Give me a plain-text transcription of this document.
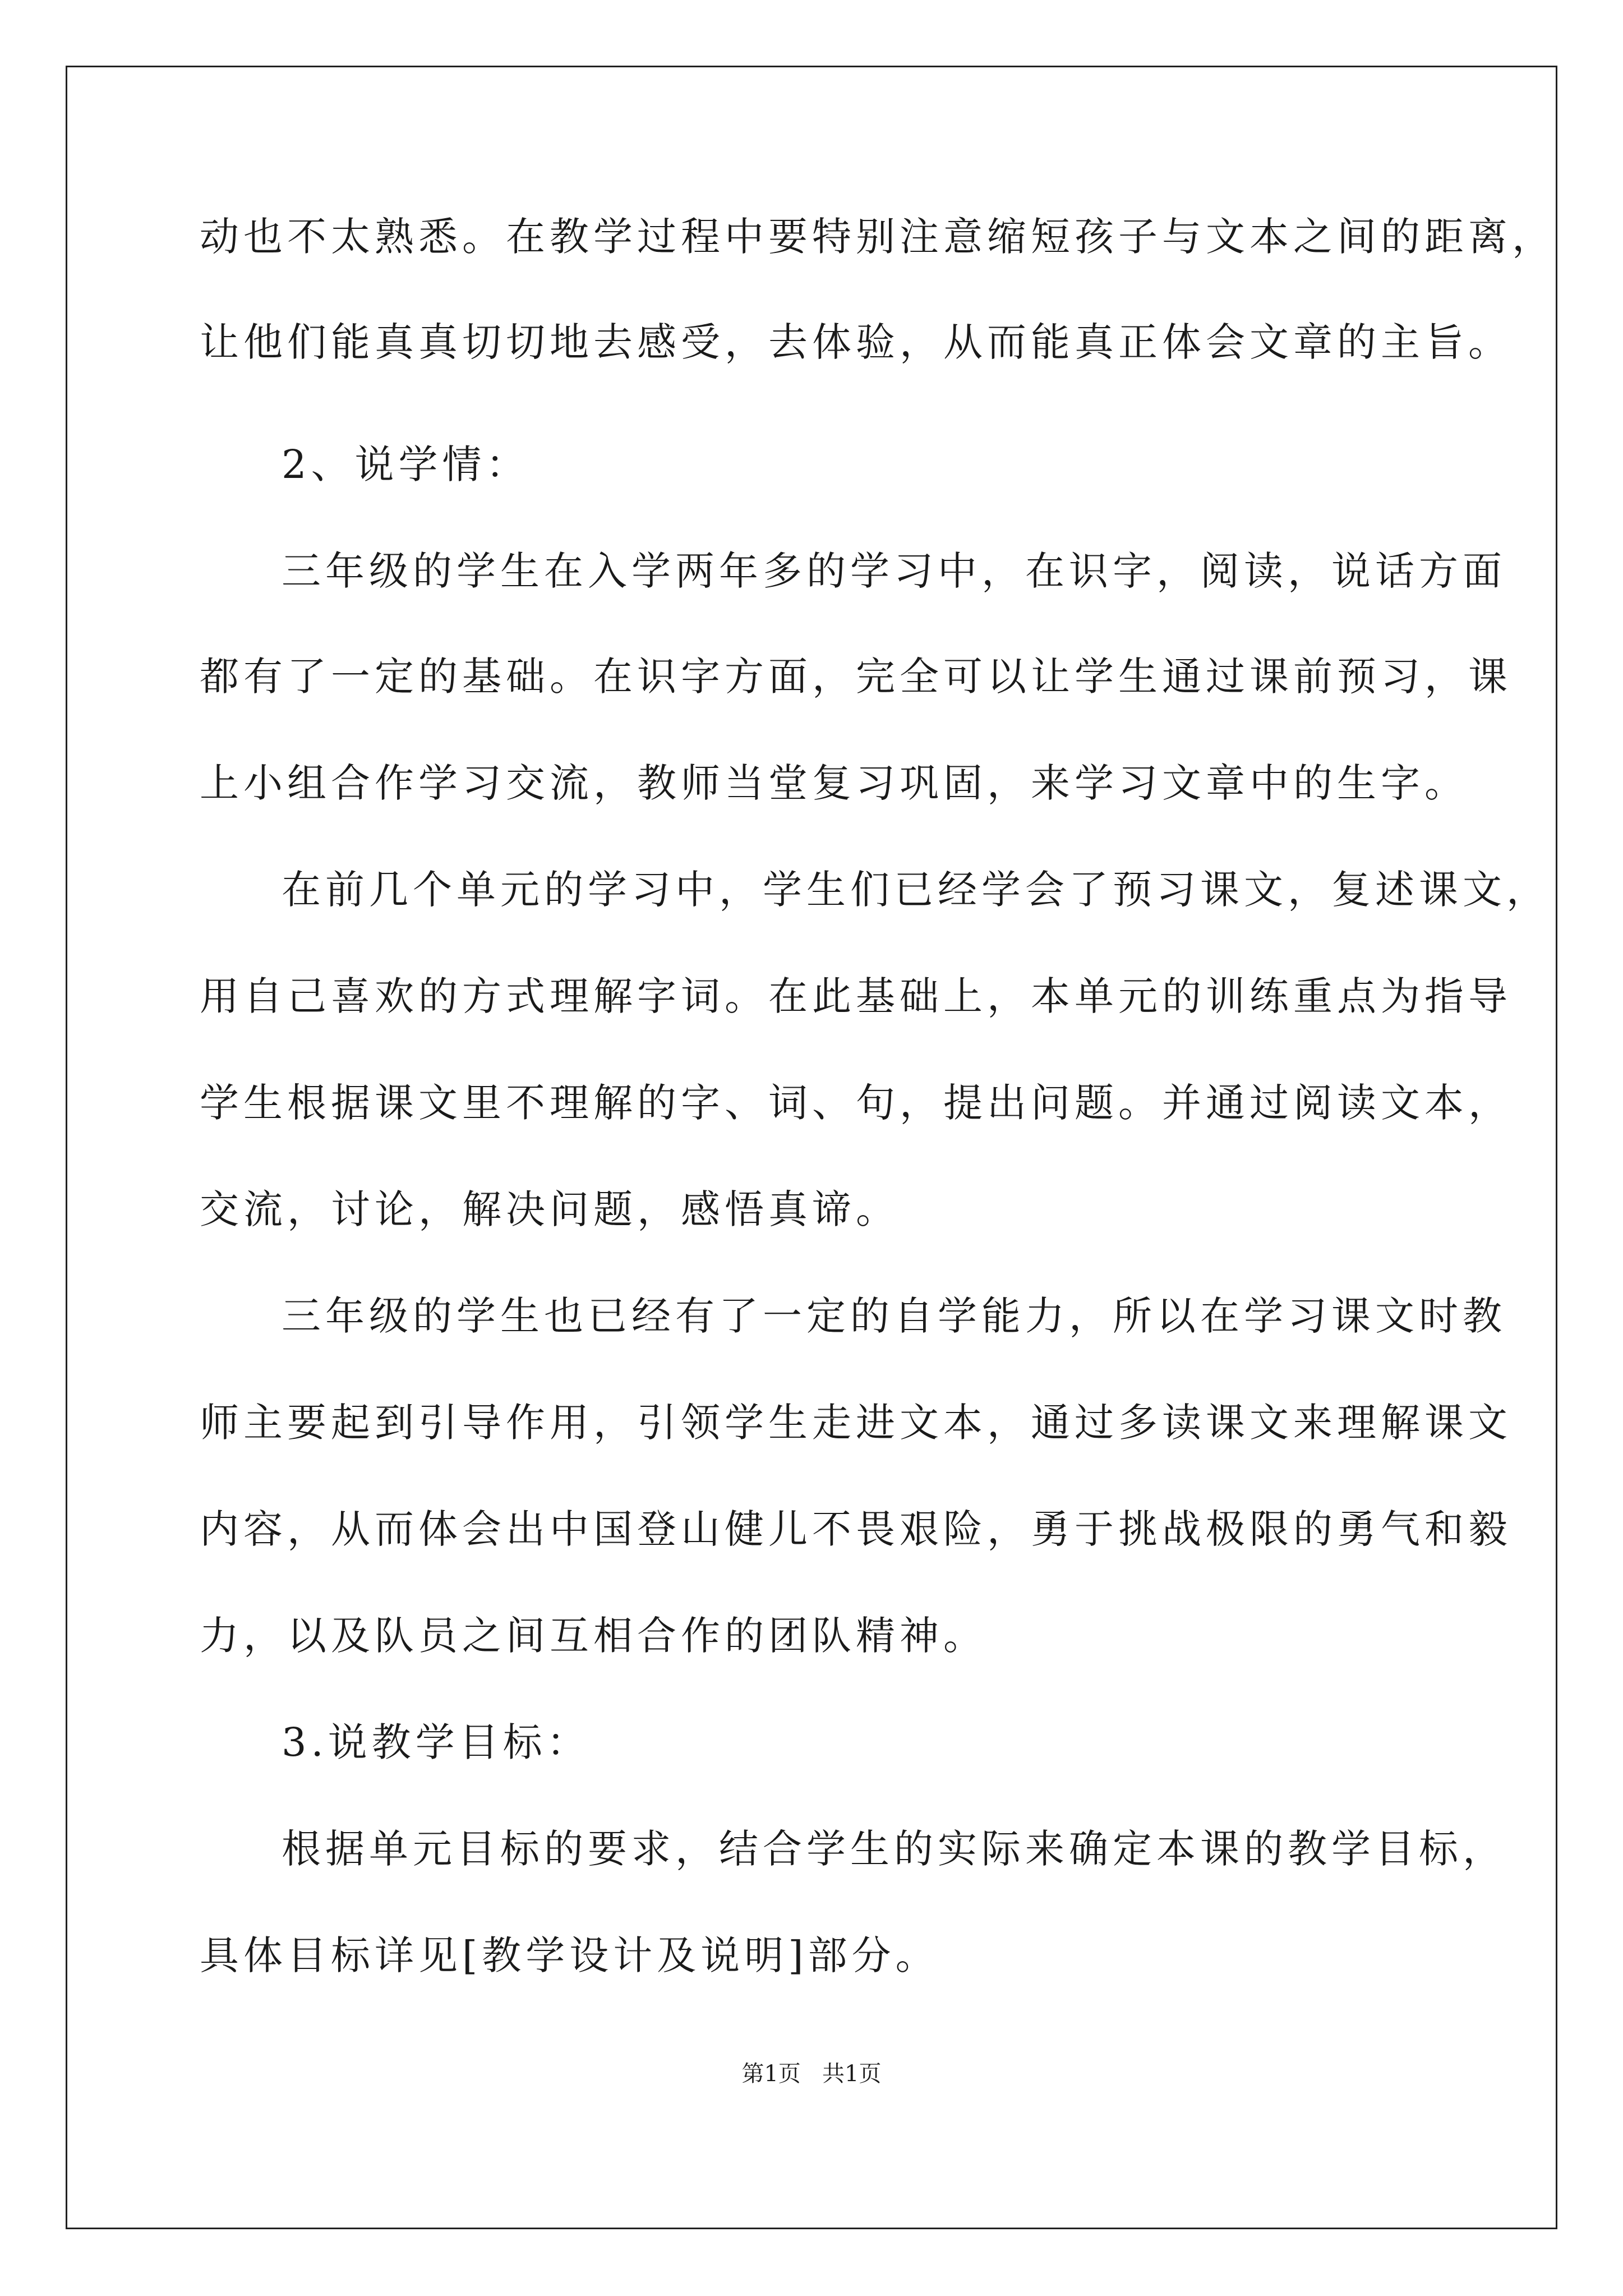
动也不太熟悉。在教学过程中要特别注意缩短孩子与文本之间的距离，
让他们能真真切切地去感受，去体验，从而能真正体会文章的主旨。
2、说学情：
三年级的学生在入学两年多的学习中，在识字，阅读，说话方面
都有了一定的基础。在识字方面，完全可以让学生通过课前预习，课
上小组合作学习交流，教师当堂复习巩固，来学习文章中的生字。
在前几个单元的学习中，学生们已经学会了预习课文，复述课文，
用自己喜欢的方式理解字词。在此基础上，本单元的训练重点为指导
学生根据课文里不理解的字、词、句，提出问题。并通过阅读文本，
交流，讨论，解决问题，感悟真谛。
三年级的学生也已经有了一定的自学能力，所以在学习课文时教
师主要起到引导作用，引领学生走进文本，通过多读课文来理解课文
内容，从而体会出中国登山健儿不畏艰险，勇于挑战极限的勇气和毅
力，以及队员之间互相合作的团队精神。
3.说教学目标：
根据单元目标的要求，结合学生的实际来确定本课的教学目标，
具体目标详见[教学设计及说明]部分。
第1页   共1页
